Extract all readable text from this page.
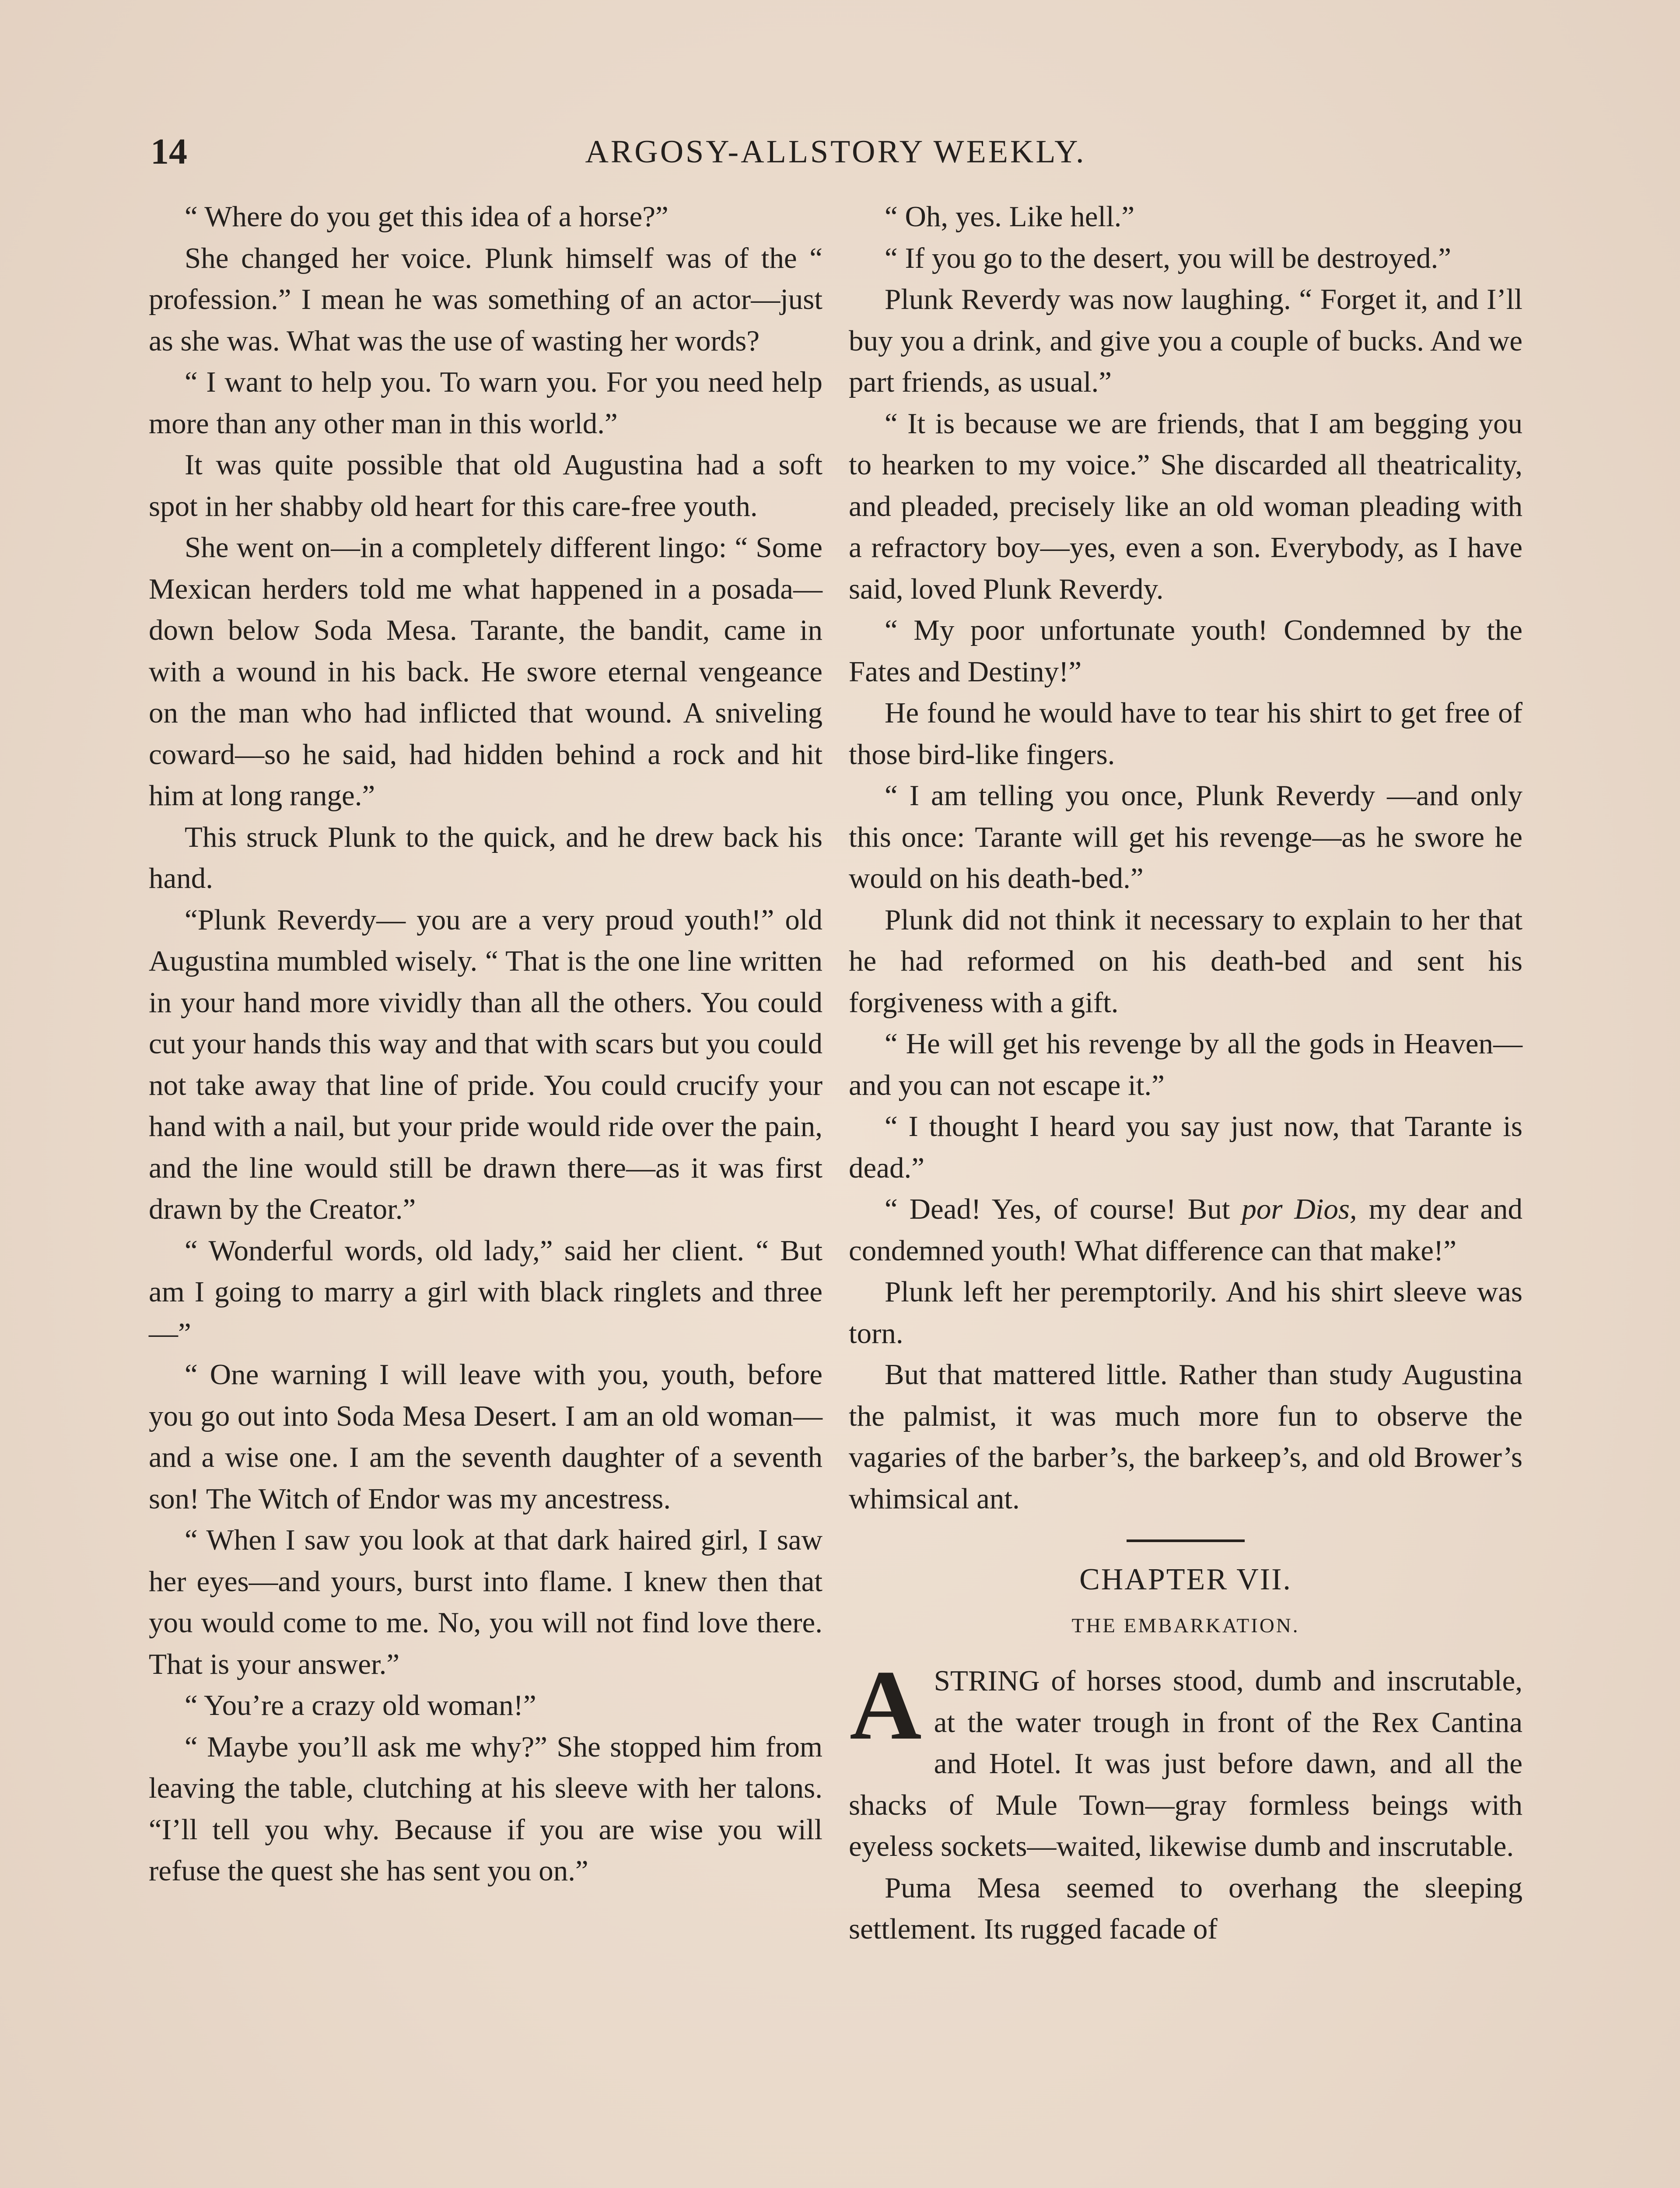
14	ARGOSY-ALLSTORY WEEKLY.

“ Where do you get this idea of a horse?”

She changed her voice. Plunk himself was of the “ profession.” I mean he was something of an actor—just as she was. What was the use of wasting her words?

“ I want to help you. To warn you. For you need help more than any other man in this world.”

It was quite possible that old Augustina had a soft spot in her shabby old heart for this care-free youth.

She went on—in a completely different lingo: “ Some Mexican herders told me what happened in a posada—down below Soda Mesa. Tarante, the bandit, came in with a wound in his back. He swore eternal vengeance on the man who had inflicted that wound. A sniveling coward—so he said, had hidden behind a rock and hit him at long range.”

This struck Plunk to the quick, and he drew back his hand.

“Plunk Reverdy— you are a very proud youth!” old Augustina mumbled wisely. “ That is the one line written in your hand more vividly than all the others. You could cut your hands this way and that with scars but you could not take away that line of pride. You could crucify your hand with a nail, but your pride would ride over the pain, and the line would still be drawn there—as it was first drawn by the Creator.”

“ Wonderful words, old lady,” said her client. “ But am I going to marry a girl with black ringlets and three—”

“ One warning I will leave with you, youth, before you go out into Soda Mesa Desert. I am an old woman—and a wise one. I am the seventh daughter of a seventh son! The Witch of Endor was my ancestress.

“ When I saw you look at that dark haired girl, I saw her eyes—and yours, burst into flame. I knew then that you would come to me. No, you will not find love there. That is your answer.”

“ You’re a crazy old woman!”

“ Maybe you’ll ask me why?” She stopped him from leaving the table, clutching at his sleeve with her talons. “I’ll tell you why. Because if you are wise you will refuse the quest she has sent you on.”

“ Oh, yes. Like hell.”

“ If you go to the desert, you will be destroyed.”

Plunk Reverdy was now laughing. “ Forget it, and I’ll buy you a drink, and give you a couple of bucks. And we part friends, as usual.”

“ It is because we are friends, that I am begging you to hearken to my voice.” She discarded all theatricality, and pleaded, precisely like an old woman pleading with a refractory boy—yes, even a son. Everybody, as I have said, loved Plunk Reverdy.

“ My poor unfortunate youth! Condemned by the Fates and Destiny!”

He found he would have to tear his shirt to get free of those bird-like fingers.

“ I am telling you once, Plunk Reverdy —and only this once: Tarante will get his revenge—as he swore he would on his death-bed.”

Plunk did not think it necessary to explain to her that he had reformed on his death-bed and sent his forgiveness with a gift.

“ He will get his revenge by all the gods in Heaven—and you can not escape it.”

“ I thought I heard you say just now, that Tarante is dead.”

“ Dead! Yes, of course! But por Dios, my dear and condemned youth! What difference can that make!”

Plunk left her peremptorily. And his shirt sleeve was torn.

But that mattered little. Rather than study Augustina the palmist, it was much more fun to observe the vagaries of the barber’s, the barkeep’s, and old Brower’s whimsical ant.

CHAPTER VII.
THE EMBARKATION.

ASTRING of horses stood, dumb and inscrutable, at the water trough in front of the Rex Cantina and Hotel. It was just before dawn, and all the shacks of Mule Town—gray formless beings with eyeless sockets—waited, likewise dumb and inscrutable.

Puma Mesa seemed to overhang the sleeping settlement. Its rugged facade of
